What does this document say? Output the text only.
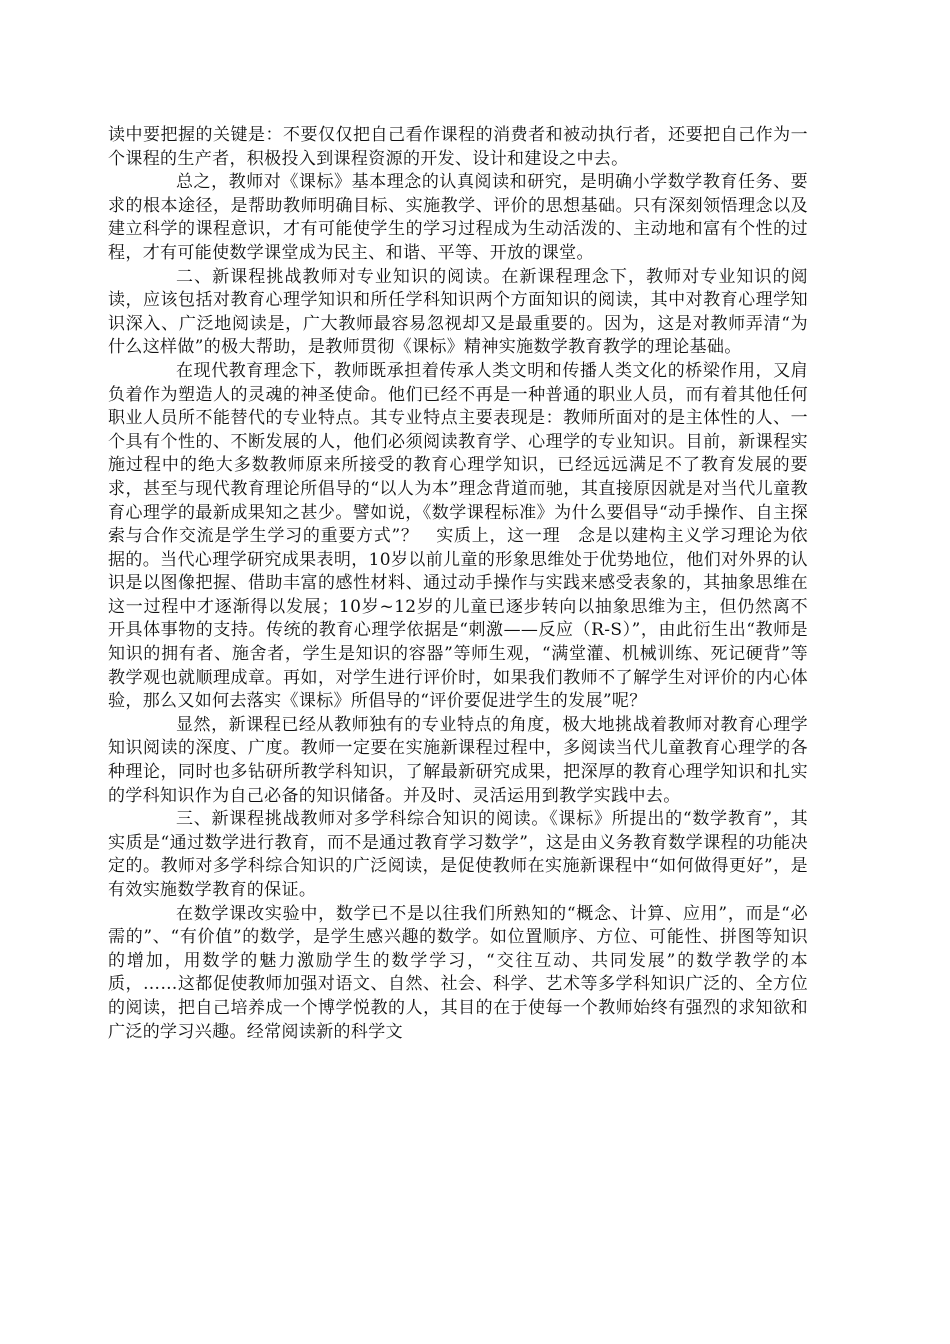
读中要把握的关键是：不要仅仅把自己看作课程的消费者和被动执行者，还要把自己作为一个课程的生产者，积极投入到课程资源的开发、设计和建设之中去。

总之，教师对《课标》基本理念的认真阅读和研究，是明确小学数学教育任务、要求的根本途径，是帮助教师明确目标、实施教学、评价的思想基础。只有深刻领悟理念以及建立科学的课程意识，才有可能使学生的学习过程成为生动活泼的、主动地和富有个性的过程，才有可能使数学课堂成为民主、和谐、平等、开放的课堂。

二、新课程挑战教师对专业知识的阅读。在新课程理念下，教师对专业知识的阅读，应该包括对教育心理学知识和所任学科知识两个方面知识的阅读，其中对教育心理学知识深入、广泛地阅读是，广大教师最容易忽视却又是最重要的。因为，这是对教师弄清“为什么这样做”的极大帮助，是教师贯彻《课标》精神实施数学教育教学的理论基础。

在现代教育理念下，教师既承担着传承人类文明和传播人类文化的桥梁作用，又肩负着作为塑造人的灵魂的神圣使命。他们已经不再是一种普通的职业人员，而有着其他任何职业人员所不能替代的专业特点。其专业特点主要表现是：教师所面对的是主体性的人、一个具有个性的、不断发展的人，他们必须阅读教育学、心理学的专业知识。目前，新课程实施过程中的绝大多数教师原来所接受的教育心理学知识，已经远远满足不了教育发展的要求，甚至与现代教育理论所倡导的“以人为本”理念背道而驰，其直接原因就是对当代儿童教育心理学的最新成果知之甚少。譬如说，《数学课程标准》为什么要倡导“动手操作、自主探索与合作交流是学生学习的重要方式”？　实质上，这一理　念是以建构主义学习理论为依据的。当代心理学研究成果表明，10岁以前儿童的形象思维处于优势地位，他们对外界的认识是以图像把握、借助丰富的感性材料、通过动手操作与实践来感受表象的，其抽象思维在这一过程中才逐渐得以发展；10岁~12岁的儿童已逐步转向以抽象思维为主，但仍然离不开具体事物的支持。传统的教育心理学依据是“刺激——反应（R-S）”，由此衍生出“教师是知识的拥有者、施舍者，学生是知识的容器”等师生观，“满堂灌、机械训练、死记硬背”等教学观也就顺理成章。再如，对学生进行评价时，如果我们教师不了解学生对评价的内心体验，那么又如何去落实《课标》所倡导的“评价要促进学生的发展”呢？

显然，新课程已经从教师独有的专业特点的角度，极大地挑战着教师对教育心理学知识阅读的深度、广度。教师一定要在实施新课程过程中，多阅读当代儿童教育心理学的各种理论，同时也多钻研所教学科知识，了解最新研究成果，把深厚的教育心理学知识和扎实的学科知识作为自己必备的知识储备。并及时、灵活运用到教学实践中去。

三、新课程挑战教师对多学科综合知识的阅读。《课标》所提出的“数学教育”，其实质是“通过数学进行教育，而不是通过教育学习数学”，这是由义务教育数学课程的功能决定的。教师对多学科综合知识的广泛阅读，是促使教师在实施新课程中“如何做得更好”，是有效实施数学教育的保证。

在数学课改实验中，数学已不是以往我们所熟知的“概念、计算、应用”，而是“必需的”、“有价值”的数学，是学生感兴趣的数学。如位置顺序、方位、可能性、拼图等知识的增加，用数学的魅力激励学生的数学学习，“交往互动、共同发展”的数学教学的本质，……这都促使教师加强对语文、自然、社会、科学、艺术等多学科知识广泛的、全方位的阅读，把自己培养成一个博学悦教的人，其目的在于使每一个教师始终有强烈的求知欲和广泛的学习兴趣。经常阅读新的科学文
